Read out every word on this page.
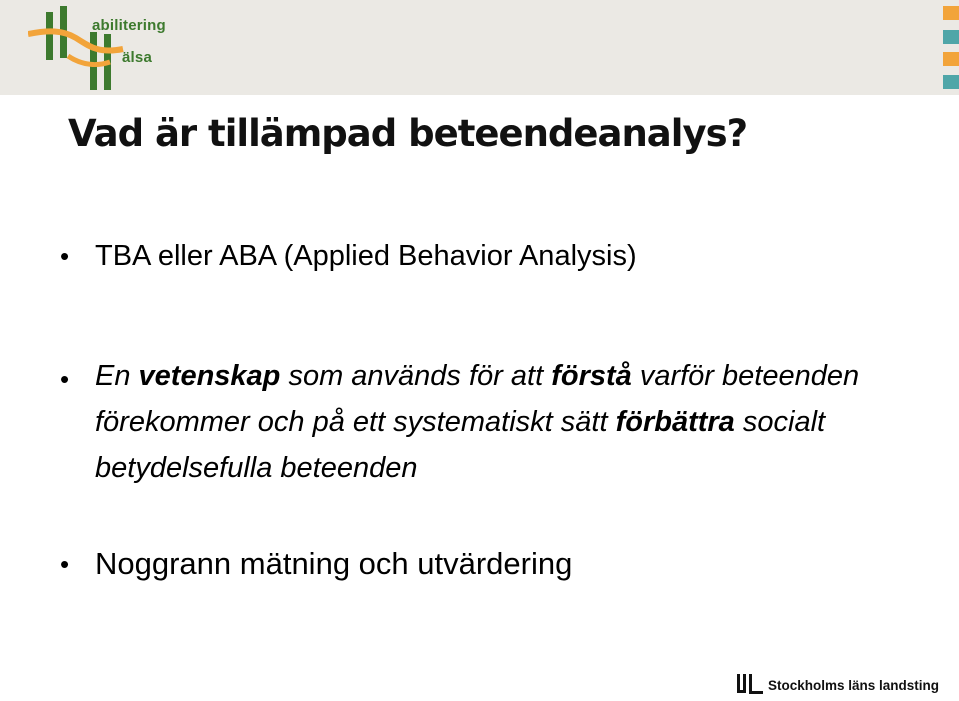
abilitering
älsa
Vad är tillämpad beteendeanalys?
• TBA eller ABA (Applied Behavior Analysis)
• En vetenskap som används för att förstå varför beteenden förekommer och på ett systematiskt sätt förbättra socialt betydelsefulla beteenden
• Noggrann mätning och utvärdering
Stockholms läns landsting
